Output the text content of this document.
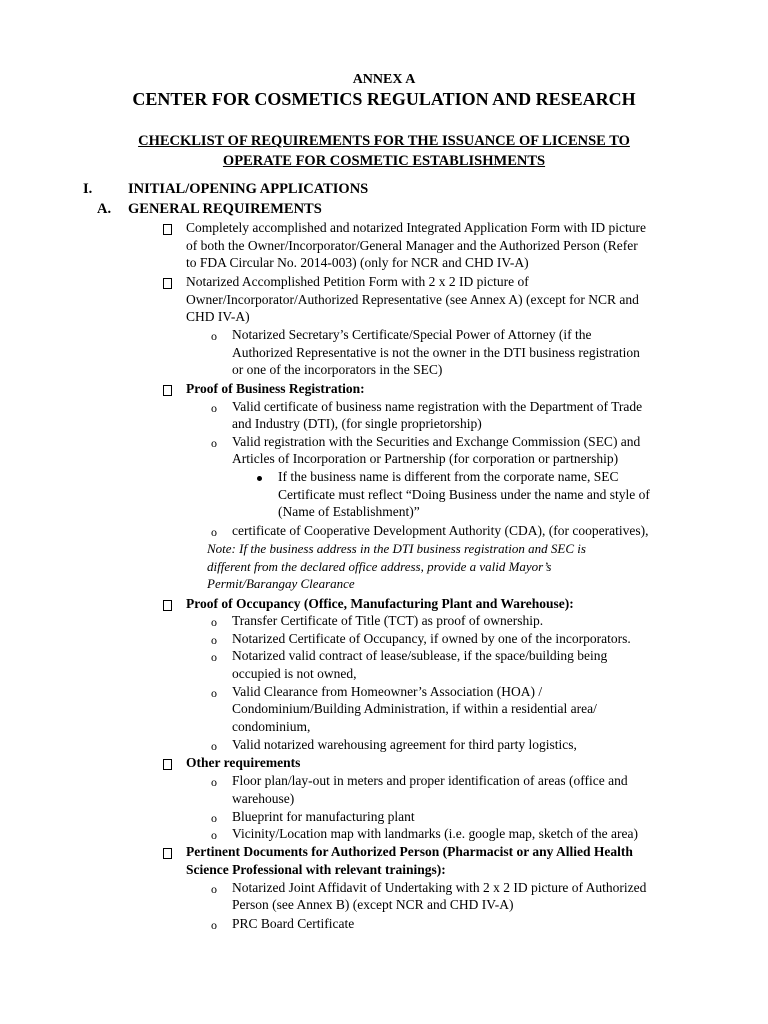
ANNEX A
CENTER FOR COSMETICS REGULATION AND RESEARCH
CHECKLIST OF REQUIREMENTS FOR THE ISSUANCE OF LICENSE TO
OPERATE FOR COSMETIC ESTABLISHMENTS
I. INITIAL/OPENING APPLICATIONS
A. GENERAL REQUIREMENTS
Completely accomplished and notarized Integrated Application Form with ID picture
of both the Owner/Incorporator/General Manager and the Authorized Person (Refer
to FDA Circular No. 2014-003) (only for NCR and CHD IV-A)
Notarized Accomplished Petition Form with 2 x 2 ID picture of
Owner/Incorporator/Authorized Representative (see Annex A) (except for NCR and
CHD IV-A)
o Notarized Secretary’s Certificate/Special Power of Attorney (if the
Authorized Representative is not the owner in the DTI business registration
or one of the incorporators in the SEC)
Proof of Business Registration:
o Valid certificate of business name registration with the Department of Trade
and Industry (DTI), (for single proprietorship)
o Valid registration with the Securities and Exchange Commission (SEC) and
Articles of Incorporation or Partnership (for corporation or partnership)
If the business name is different from the corporate name, SEC
Certificate must reflect “Doing Business under the name and style of
(Name of Establishment)”
o certificate of Cooperative Development Authority (CDA), (for cooperatives),
Note: If the business address in the DTI business registration and SEC is
different from the declared office address, provide a valid Mayor’s
Permit/Barangay Clearance
Proof of Occupancy (Office, Manufacturing Plant and Warehouse):
o Transfer Certificate of Title (TCT) as proof of ownership.
o Notarized Certificate of Occupancy, if owned by one of the incorporators.
o Notarized valid contract of lease/sublease, if the space/building being
occupied is not owned,
o Valid Clearance from Homeowner’s Association (HOA) /
Condominium/Building Administration, if within a residential area/
condominium,
o Valid notarized warehousing agreement for third party logistics,
Other requirements
o Floor plan/lay-out in meters and proper identification of areas (office and
warehouse)
o Blueprint for manufacturing plant
o Vicinity/Location map with landmarks (i.e. google map, sketch of the area)
Pertinent Documents for Authorized Person (Pharmacist or any Allied Health
Science Professional with relevant trainings):
o Notarized Joint Affidavit of Undertaking with 2 x 2 ID picture of Authorized
Person (see Annex B) (except NCR and CHD IV-A)
o PRC Board Certificate
